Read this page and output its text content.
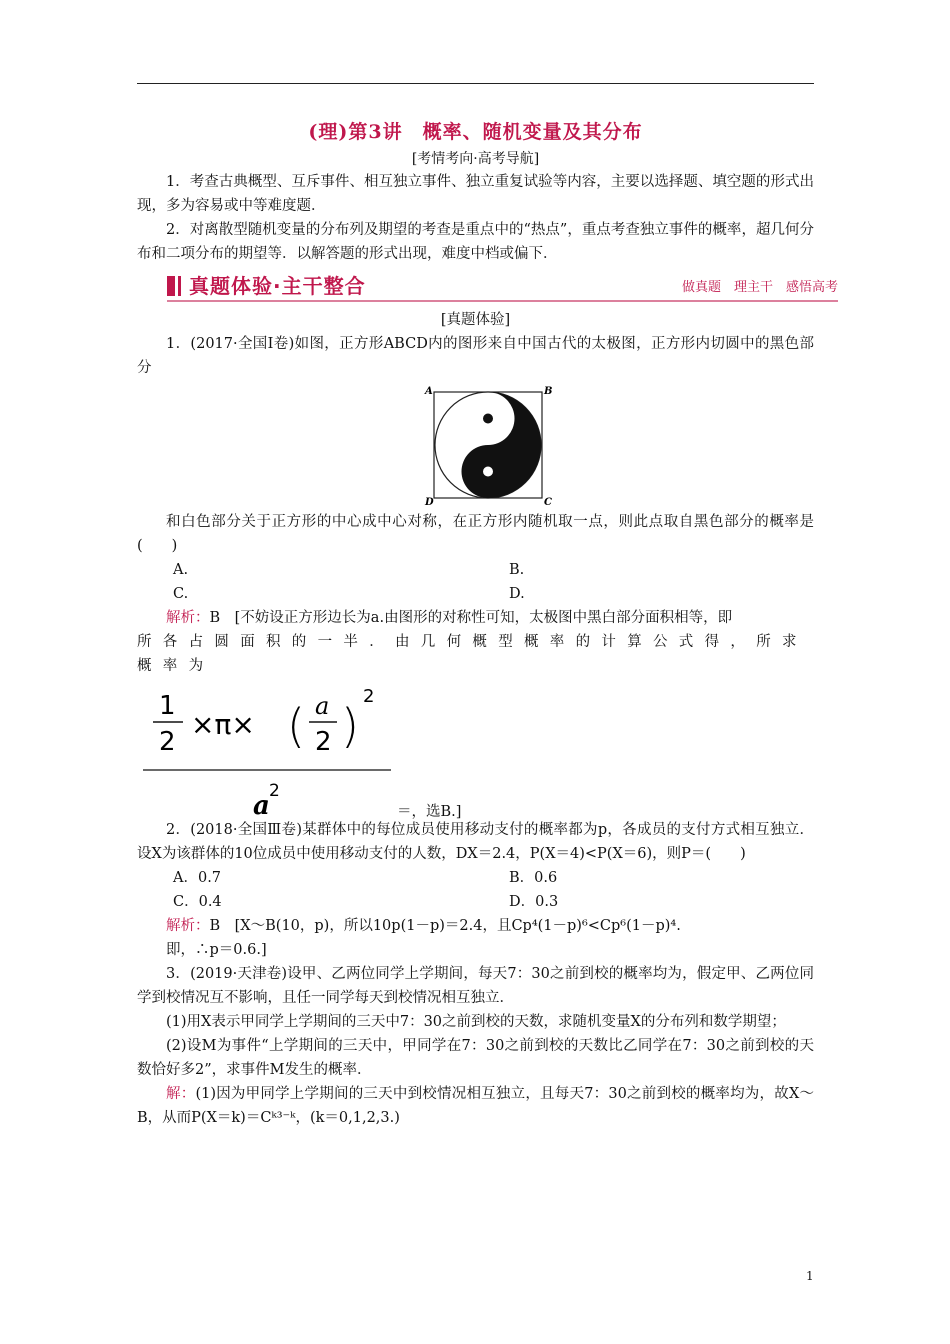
(理)第3讲　概率、随机变量及其分布
[考情考向·高考导航]

1．考查古典概型、互斥事件、相互独立事件、独立重复试验等内容，主要以选择题、填空题的形式出现，多为容易或中等难度题．

2．对离散型随机变量的分布列及期望的考查是重点中的“热点”，重点考查独立事件的概率，超几何分布和二项分布的期望等．以解答题的形式出现，难度中档或偏下．

真题体验·主干整合	做真题　理主干　感悟高考
[真题体验]

1．(2017·全国Ⅰ卷)如图，正方形ABCD内的图形来自中国古代的太极图，正方形内切圆中的黑色部分

A	B
C
D

和白色部分关于正方形的中心成中心对称，在正方形内随机取一点，则此点取自黑色部分的概率是(　　)

A.	B.
C.	D.

解析：B　[不妨设正方形边长为a.由图形的对称性可知，太极图中黑白部分面积相等，即

所各占圆面积的一半．由几何概型概率的计算公式得，所求概率为
1
2
×π× ( a
2 )
2
a 2
＝，选B.]

2．(2018·全国Ⅲ卷)某群体中的每位成员使用移动支付的概率都为p，各成员的支付方式相互独立．设X为该群体的10位成员中使用移动支付的人数，DX＝2.4，P(X＝4)<P(X＝6)，则P＝(　　)

A．0.7	B．0.6
C．0.4	D．0.3

解析：B　[X～B(10，p)，所以10p(1－p)＝2.4，且Cp⁴(1－p)⁶<Cp⁶(1－p)⁴.

即，∴p＝0.6.]

3．(2019·天津卷)设甲、乙两位同学上学期间，每天7：30之前到校的概率均为，假定甲、乙两位同学到校情况互不影响，且任一同学每天到校情况相互独立．

(1)用X表示甲同学上学期间的三天中7：30之前到校的天数，求随机变量X的分布列和数学期望；

(2)设M为事件“上学期间的三天中，甲同学在7：30之前到校的天数比乙同学在7：30之前到校的天数恰好多2”，求事件M发生的概率．

解：(1)因为甲同学上学期间的三天中到校情况相互独立，且每天7：30之前到校的概率均为，故X～B，从而P(X＝k)＝Cᵏ³⁻ᵏ，(k＝0,1,2,3.)

1
